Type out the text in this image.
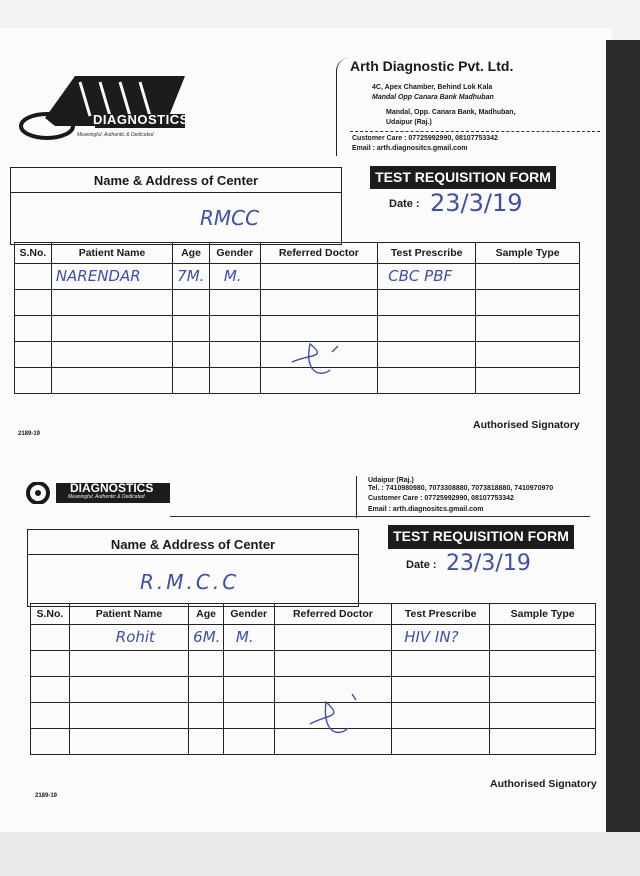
DIAGNOSTICS
Meaningful, Authentic & Dedicated
Arth Diagnostic Pvt. Ltd.
4C, Apex Chamber, Behind Lok Kala
Mandal Opp Canara Bank Madhuban
Mandal, Opp. Canara Bank, Madhuban,
Udaipur (Raj.)
Customer Care : 07725992990, 08107753342
Email : arth.diagnositcs.gmail.com
Name & Address of Center
RMCC
TEST REQUISITION FORM
Date : 23/3/19
S.No.	Patient Name	Age	Gender	Referred Doctor	Test Prescribe	Sample Type

	NARENDAR	7M.	M.		CBC PBF	

Authorised Signatory
2189-19
DIAGNOSTICS
Meaningful, Authentic & Dedicated
Udaipur (Raj.)
Tel. : 7410980980, 7073308880, 7073818880, 7410970970
Customer Care : 07725992990, 08107753342
Email : arth.diagnositcs.gmail.com
Name & Address of Center
R.M.C.C
TEST REQUISITION FORM
Date : 23/3/19
S.No.	Patient Name	Age	Gender	Referred Doctor	Test Prescribe	Sample Type

	Rohit	6M.	M.		HIV IN?	

Authorised Signatory
2189-19
